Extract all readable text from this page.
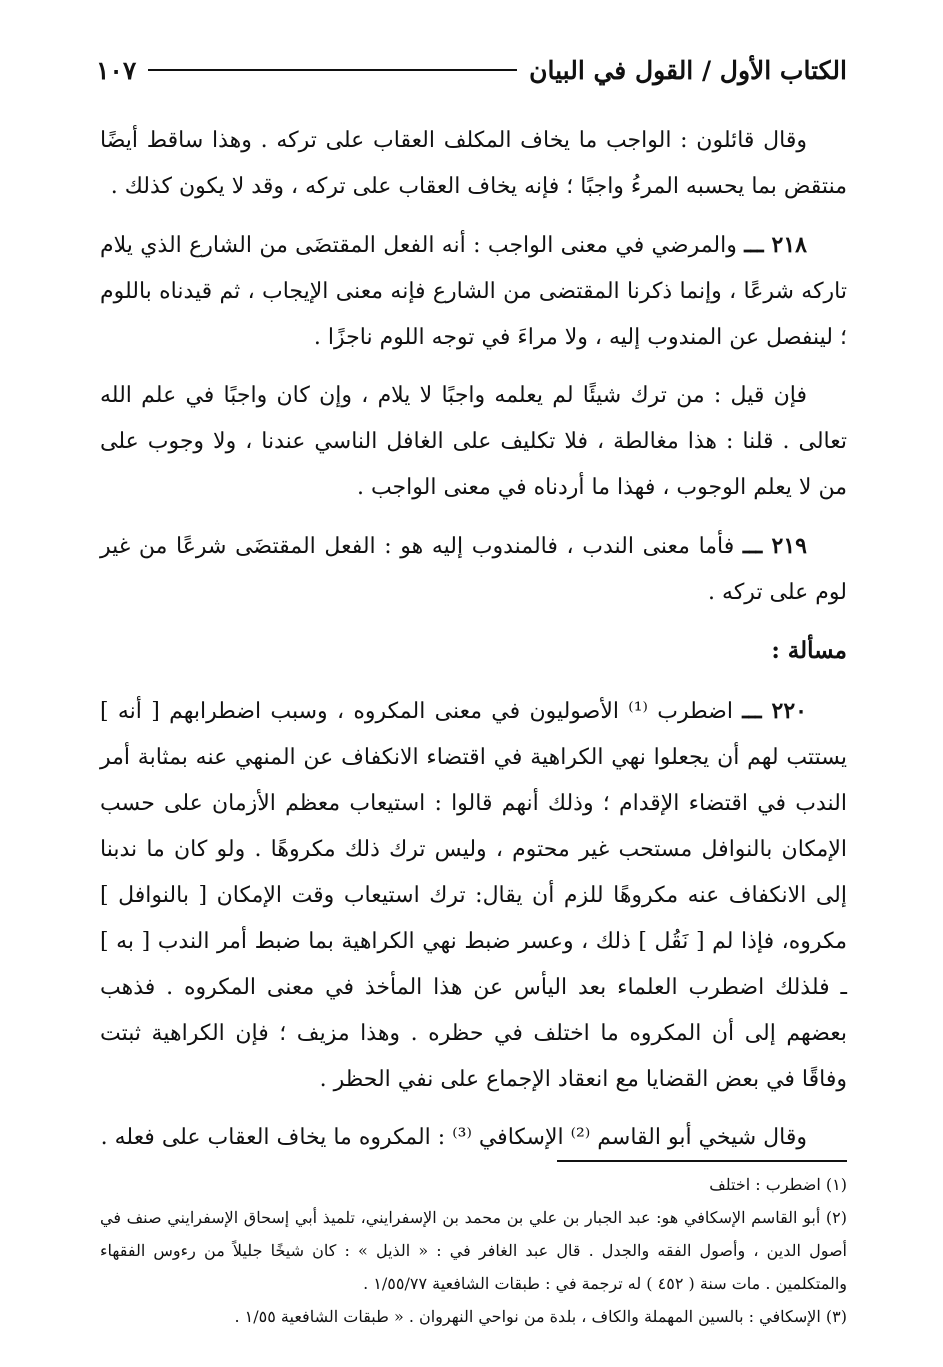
الكتاب الأول / القول في البيان
١٠٧

وقال قائلون : الواجب ما يخاف المكلف العقاب على تركه . وهذا ساقط أيضًا منتقض بما يحسبه المرءُ واجبًا ؛ فإنه يخاف العقاب على تركه ، وقد لا يكون كذلك .

٢١٨ ـــ والمرضي في معنى الواجب : أنه الفعل المقتضَى من الشارع الذي يلام تاركه شرعًا ، وإنما ذكرنا المقتضى من الشارع فإنه معنى الإيجاب ، ثم قيدناه باللوم ؛ لينفصل عن المندوب إليه ، ولا مراءَ في توجه اللوم ناجزًا .

فإن قيل : من ترك شيئًا لم يعلمه واجبًا لا يلام ، وإن كان واجبًا في علم الله تعالى . قلنا : هذا مغالطة ، فلا تكليف على الغافل الناسي عندنا ، ولا وجوب على من لا يعلم الوجوب ، فهذا ما أردناه في معنى الواجب .

٢١٩ ـــ فأما معنى الندب ، فالمندوب إليه هو : الفعل المقتضَى شرعًا من غير لوم على تركه .

مسألة :

٢٢٠ ـــ اضطرب ⁽¹⁾ الأصوليون في معنى المكروه ، وسبب اضطرابهم [ أنه ] يستتب لهم أن يجعلوا نهي الكراهية في اقتضاء الانكفاف عن المنهي عنه بمثابة أمر الندب في اقتضاء الإقدام ؛ وذلك أنهم قالوا : استيعاب معظم الأزمان على حسب الإمكان بالنوافل مستحب غير محتوم ، وليس ترك ذلك مكروهًا . ولو كان ما ندبنا إلى الانكفاف عنه مكروهًا للزم أن يقال: ترك استيعاب وقت الإمكان [ بالنوافل ] مكروه، فإذا لم [ نَقُل ] ذلك ، وعسر ضبط نهي الكراهية بما ضبط أمر الندب [ به ] ـ فلذلك اضطرب العلماء بعد اليأس عن هذا المأخذ في معنى المكروه . فذهب بعضهم إلى أن المكروه ما اختلف في حظره . وهذا مزيف ؛ فإن الكراهية ثبتت وفاقًا في بعض القضايا مع انعقاد الإجماع على نفي الحظر .

وقال شيخي أبو القاسم ⁽²⁾ الإسكافي ⁽³⁾ : المكروه ما يخاف العقاب على فعله .

(١) اضطرب : اختلف

(٢) أبو القاسم الإسكافي هو: عبد الجبار بن علي بن محمد بن الإسفرايني، تلميذ أبي إسحاق الإسفرايني صنف في أصول الدين ، وأصول الفقه والجدل . قال عبد الغافر في : « الذيل » : كان شيخًا جليلاً من رءوس الفقهاء والمتكلمين . مات سنة ( ٤٥٢ ) له ترجمة في : طبقات الشافعية ١/٥٥/٧٧ .

(٣) الإسكافي : بالسين المهملة والكاف ، بلدة من نواحي النهروان . « طبقات الشافعية ١/٥٥ .
